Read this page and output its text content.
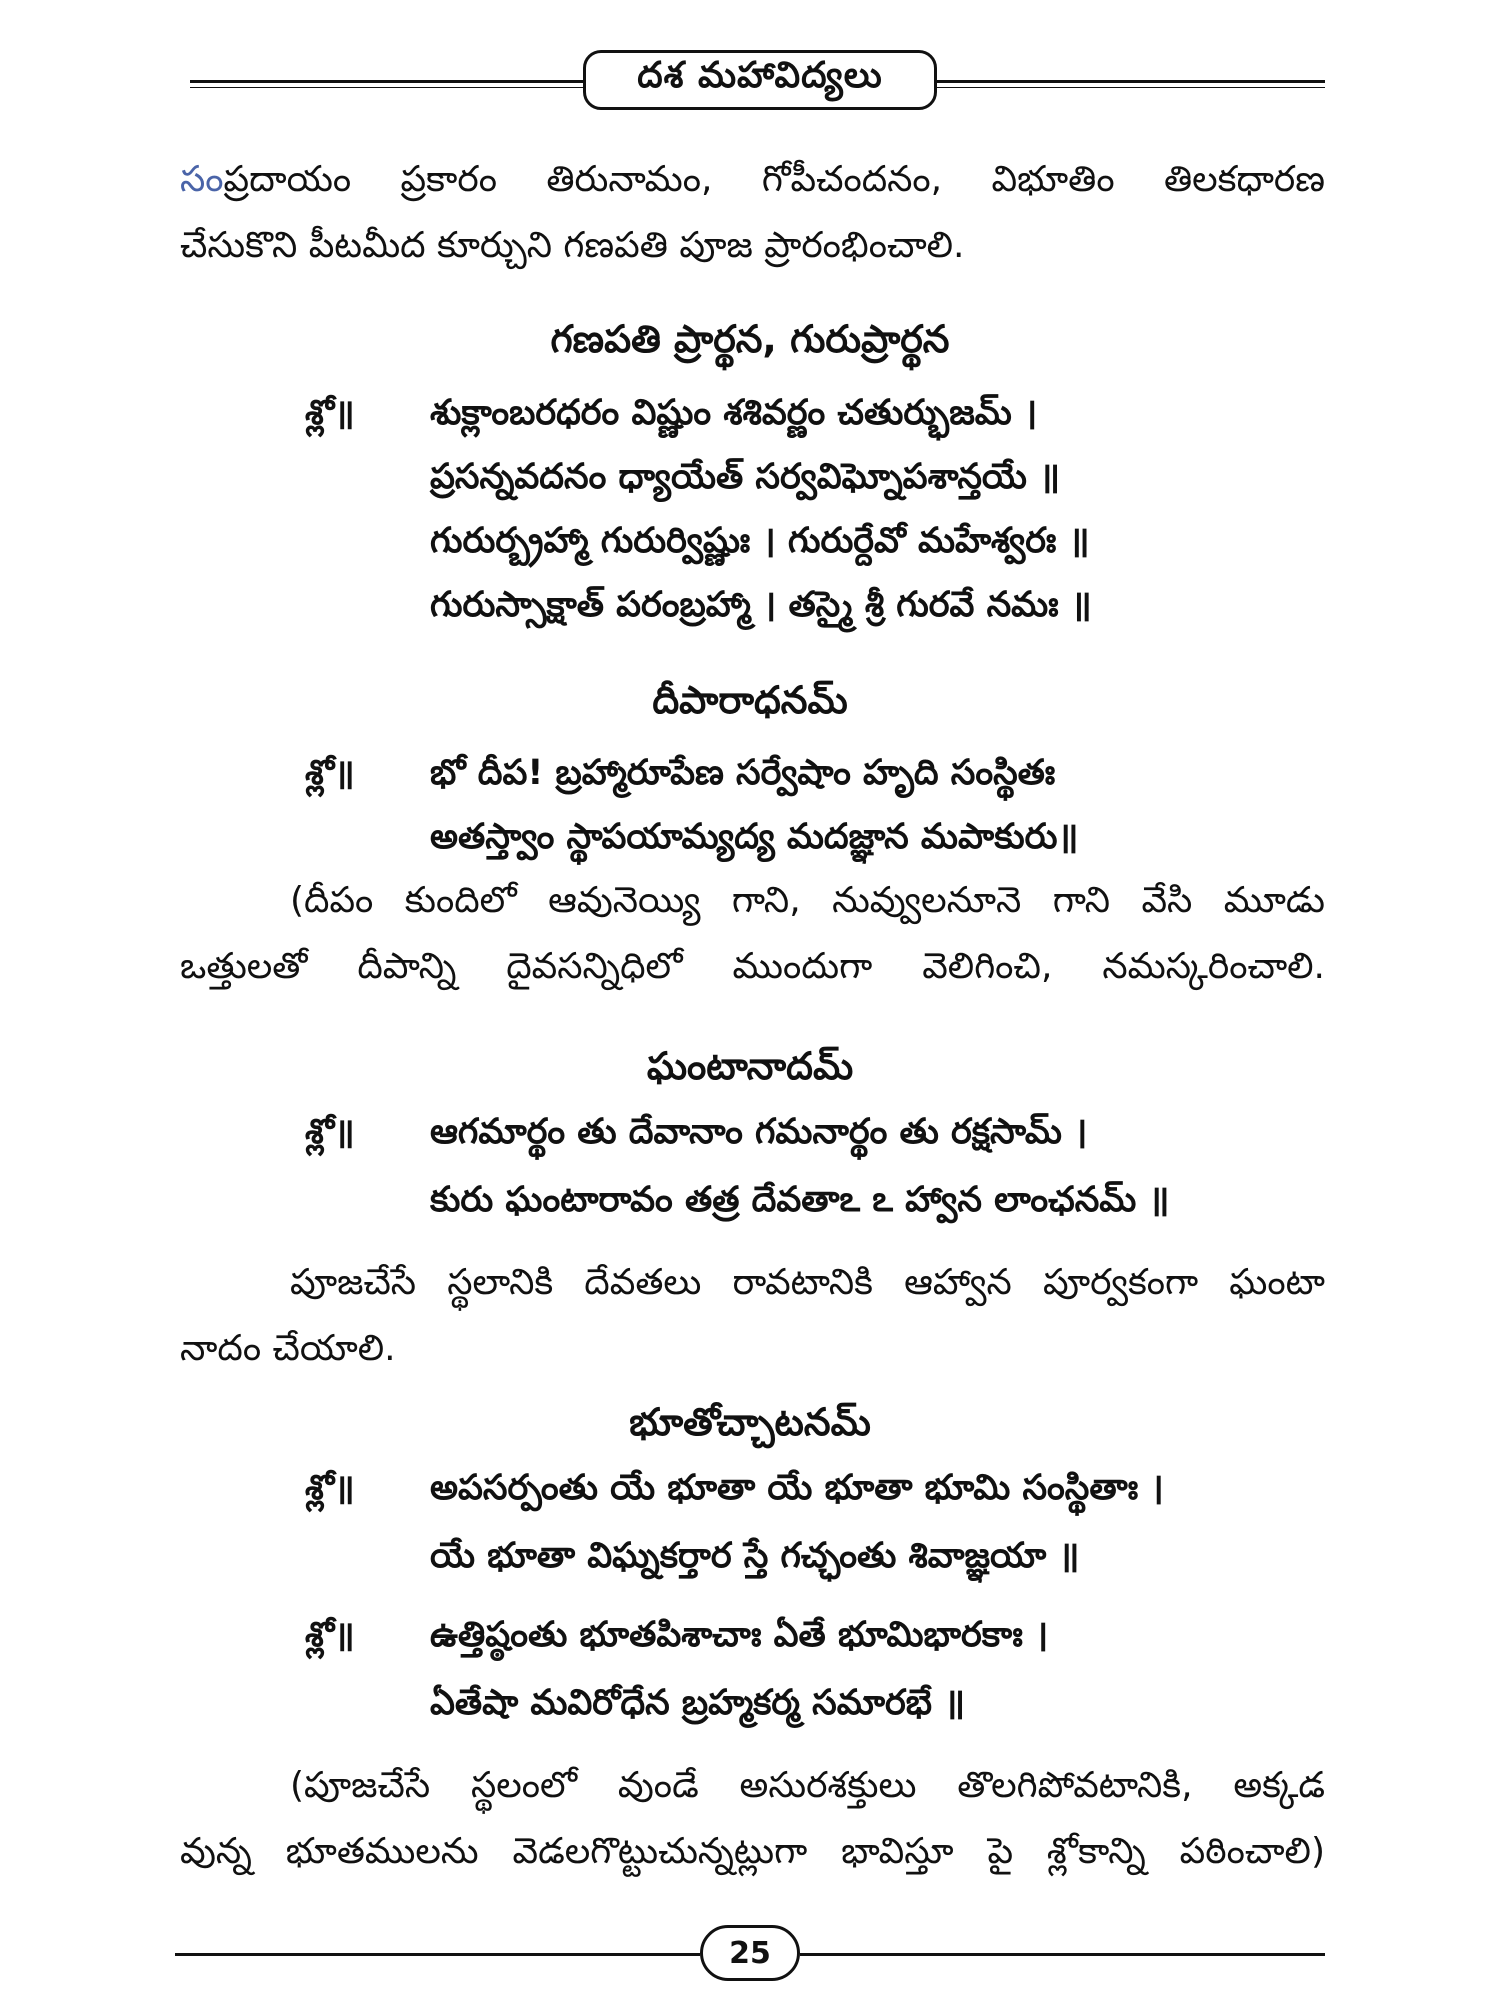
దశ మహావిద్యలు
సంప్రదాయం ప్రకారం తిరునామం, గోపీచందనం, విభూతిం తిలకధారణ
చేసుకొని పీటమీద కూర్చుని గణపతి పూజ ప్రారంభించాలి.
గణపతి ప్రార్థన, గురుప్రార్థన
శ్లో॥ శుక్లాంబరధరం విష్ణుం శశివర్ణం చతుర్భుజమ్ ।
ప్రసన్నవదనం ధ్యాయేత్ సర్వవిఘ్నోపశాన్తయే ॥
గురుర్బ్రహ్మా గురుర్విష్ణుః । గురుర్దేవో మహేశ్వరః ॥
గురుస్సాక్షాత్ పరంబ్రహ్మా । తస్మై శ్రీ గురవే నమః ॥
దీపారాధనమ్
శ్లో॥ భో దీప! బ్రహ్మారూపేణ సర్వేషాం హృది సంస్థితః
అతస్త్వాం స్థాపయామ్యద్య మదజ్ఞాన మపాకురు॥
(దీపం కుందిలో ఆవునెయ్యి గాని, నువ్వులనూనె గాని వేసి మూడు
ఒత్తులతో దీపాన్ని దైవసన్నిధిలో ముందుగా వెలిగించి, నమస్కరించాలి.
ఘంటానాదమ్
శ్లో॥ ఆగమార్థం తు దేవానాం గమనార్థం తు రక్షసామ్ ।
కురు ఘంటారావం తత్ర దేవతాఽ ఽ హ్వాన లాంఛనమ్ ॥
పూజచేసే స్థలానికి దేవతలు రావటానికి ఆహ్వాన పూర్వకంగా ఘంటా
నాదం చేయాలి.
భూతోచ్చాటనమ్
శ్లో॥ అపసర్పంతు యే భూతా యే భూతా భూమి సంస్థితాః ।
యే భూతా విఘ్నకర్తార స్తే గచ్ఛంతు శివాజ్ఞయా ॥
శ్లో॥ ఉత్తిష్ఠంతు భూతపిశాచాః ఏతే భూమిభారకాః ।
ఏతేషా మవిరోధేన బ్రహ్మకర్మ సమారభే ॥
(పూజచేసే స్థలంలో వుండే అసురశక్తులు తొలగిపోవటానికి, అక్కడ
వున్న భూతములను వెడలగొట్టుచున్నట్లుగా భావిస్తూ పై శ్లోకాన్ని పఠించాలి)
25
